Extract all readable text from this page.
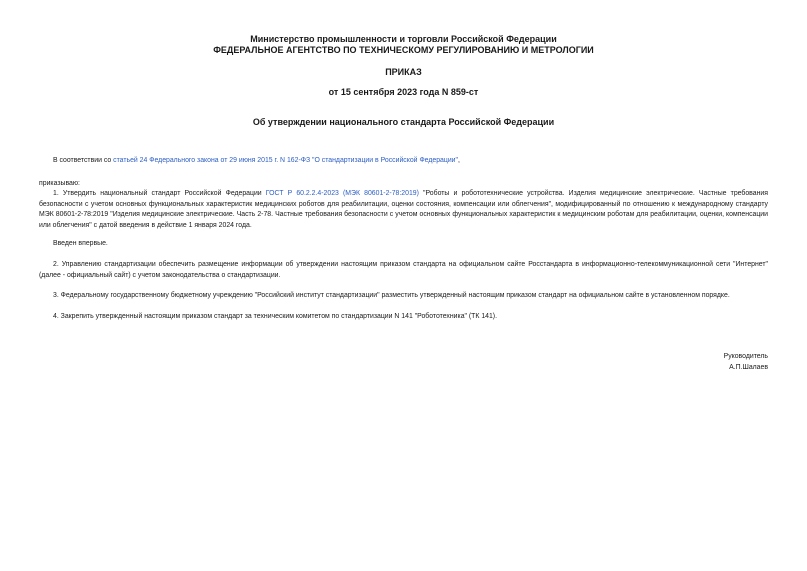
Министерство промышленности и торговли Российской Федерации
ФЕДЕРАЛЬНОЕ АГЕНТСТВО ПО ТЕХНИЧЕСКОМУ РЕГУЛИРОВАНИЮ И МЕТРОЛОГИИ
ПРИКАЗ
от 15 сентября 2023 года N 859-ст
Об утверждении национального стандарта Российской Федерации

В соответствии со статьей 24 Федерального закона от 29 июня 2015 г. N 162-ФЗ "О стандартизации в Российской Федерации",

приказываю:

1. Утвердить национальный стандарт Российской Федерации ГОСТ Р 60.2.2.4-2023 (МЭК 80601-2-78:2019) "Роботы и робототехнические устройства. Изделия медицинские электрические. Частные требования безопасности с учетом основных функциональных характеристик медицинских роботов для реабилитации, оценки состояния, компенсации или облегчения", модифицированный по отношению к международному стандарту МЭК 80601-2-78:2019 "Изделия медицинские электрические. Часть 2-78. Частные требования безопасности с учетом основных функциональных характеристик к медицинским роботам для реабилитации, оценки, компенсации или облегчения" с датой введения в действие 1 января 2024 года.

Введен впервые.

2. Управлению стандартизации обеспечить размещение информации об утверждении настоящим приказом стандарта на официальном сайте Росстандарта в информационно-телекоммуникационной сети "Интернет" (далее - официальный сайт) с учетом законодательства о стандартизации.

3. Федеральному государственному бюджетному учреждению "Российский институт стандартизации" разместить утвержденный настоящим приказом стандарт на официальном сайте в установленном порядке.

4. Закрепить утвержденный настоящим приказом стандарт за техническим комитетом по стандартизации N 141 "Робототехника" (ТК 141).

Руководитель
А.П.Шалаев
